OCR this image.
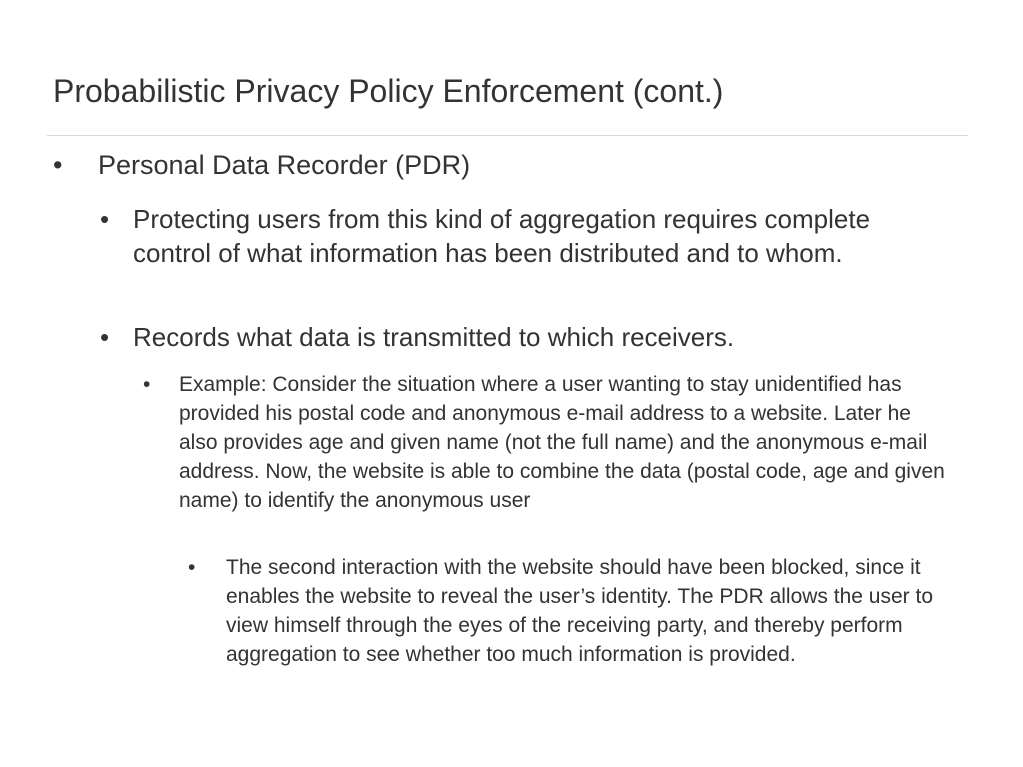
Probabilistic Privacy Policy Enforcement (cont.)
• Personal Data Recorder (PDR)
• Protecting users from this kind of aggregation requires complete control of what information has been distributed and to whom.
• Records what data is transmitted to which receivers.
• Example: Consider the situation where a user wanting to stay unidentified has provided his postal code and anonymous e-mail address to a website. Later he also provides age and given name (not the full name) and the anonymous e-mail address. Now, the website is able to combine the data (postal code, age and given name) to identify the anonymous user
• The second interaction with the website should have been blocked, since it enables the website to reveal the user’s identity. The PDR allows the user to view himself through the eyes of the receiving party, and thereby perform aggregation to see whether too much information is provided.
